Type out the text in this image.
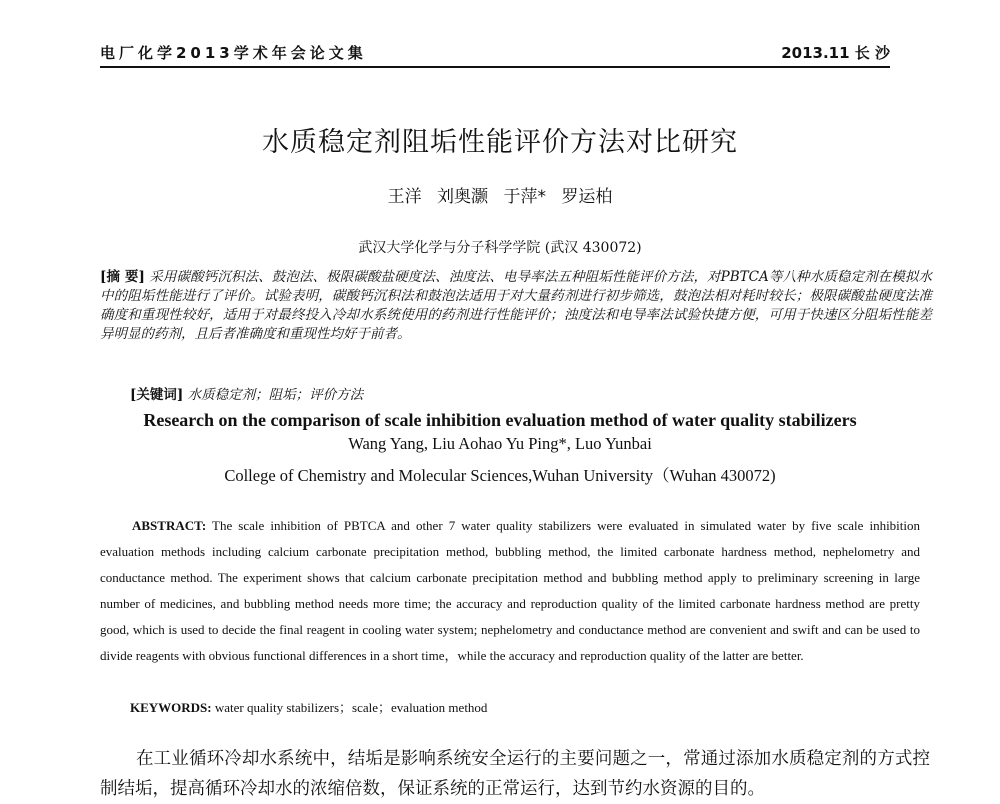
电厂化学2013学术年会论文集	2013.11 长 沙
水质稳定剂阻垢性能评价方法对比研究
王洋 刘奥灏 于萍* 罗运柏
武汉大学化学与分子科学学院 (武汉 430072)
[摘 要] 采用碳酸钙沉积法、鼓泡法、极限碳酸盐硬度法、浊度法、电导率法五种阻垢性能评价方法，对PBTCA等八种水质稳定剂在模拟水中的阻垢性能进行了评价。试验表明，碳酸钙沉积法和鼓泡法适用于对大量药剂进行初步筛选，鼓泡法相对耗时较长；极限碳酸盐硬度法准确度和重现性较好，适用于对最终投入冷却水系统使用的药剂进行性能评价；浊度法和电导率法试验快捷方便，可用于快速区分阻垢性能差异明显的药剂，且后者准确度和重现性均好于前者。
[关键词] 水质稳定剂；阻垢；评价方法
Research on the comparison of scale inhibition evaluation method of water quality stabilizers
Wang Yang, Liu Aohao Yu Ping*, Luo Yunbai
College of Chemistry and Molecular Sciences,Wuhan University（Wuhan 430072)
ABSTRACT: The scale inhibition of PBTCA and other 7 water quality stabilizers were evaluated in simulated water by five scale inhibition evaluation methods including calcium carbonate precipitation method, bubbling method, the limited carbonate hardness method, nephelometry and conductance method. The experiment shows that calcium carbonate precipitation method and bubbling method apply to preliminary screening in large number of medicines, and bubbling method needs more time; the accuracy and reproduction quality of the limited carbonate hardness method are pretty good, which is used to decide the final reagent in cooling water system; nephelometry and conductance method are convenient and swift and can be used to divide reagents with obvious functional differences in a short time，while the accuracy and reproduction quality of the latter are better.
KEYWORDS: water quality stabilizers；scale；evaluation method
在工业循环冷却水系统中，结垢是影响系统安全运行的主要问题之一，常通过添加水质稳定剂的方式控制结垢，提高循环冷却水的浓缩倍数，保证系统的正常运行，达到节约水资源的目的。
